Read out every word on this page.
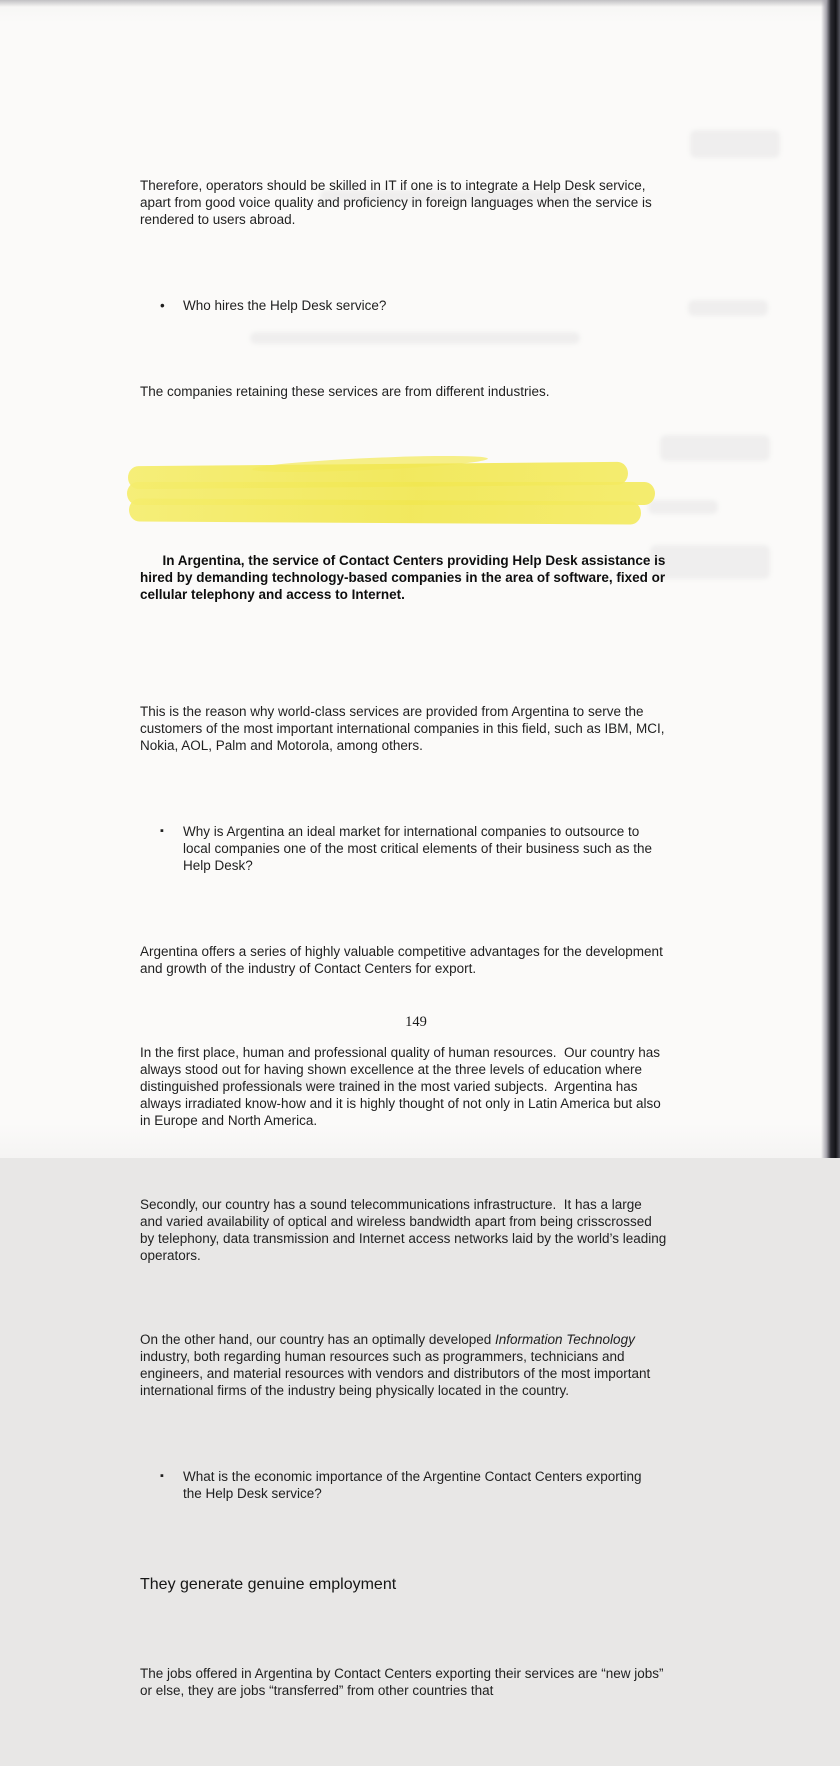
Therefore, operators should be skilled in IT if one is to integrate a Help Desk service, apart from good voice quality and proficiency in foreign languages when the service is rendered to users abroad.

•	Who hires the Help Desk service?

The companies retaining these services are from different industries.

In Argentina, the service of Contact Centers providing Help Desk assistance is hired by demanding technology-based companies in the area of software, fixed or cellular telephony and access to Internet.

This is the reason why world-class services are provided from Argentina to serve the customers of the most important international companies in this field, such as IBM, MCI, Nokia, AOL, Palm and Motorola, among others.

▪	Why is Argentina an ideal market for international companies to outsource to local companies one of the most critical elements of their business such as the Help Desk?

Argentina offers a series of highly valuable competitive advantages for the development and growth of the industry of Contact Centers for export.

In the first place, human and professional quality of human resources.  Our country has always stood out for having shown excellence at the three levels of education where distinguished professionals were trained in the most varied subjects.  Argentina has always irradiated know-how and it is highly thought of not only in Latin America but also in Europe and North America.

Secondly, our country has a sound telecommunications infrastructure.  It has a large and varied availability of optical and wireless bandwidth apart from being crisscrossed by telephony, data transmission and Internet access networks laid by the world’s leading operators.

On the other hand, our country has an optimally developed Information Technology industry, both regarding human resources such as programmers, technicians and engineers, and material resources with vendors and distributors of the most important international firms of the industry being physically located in the country.

▪	What is the economic importance of the Argentine Contact Centers exporting the Help Desk service?

They generate genuine employment

The jobs offered in Argentina by Contact Centers exporting their services are “new jobs” or else, they are jobs “transferred” from other countries that

149
